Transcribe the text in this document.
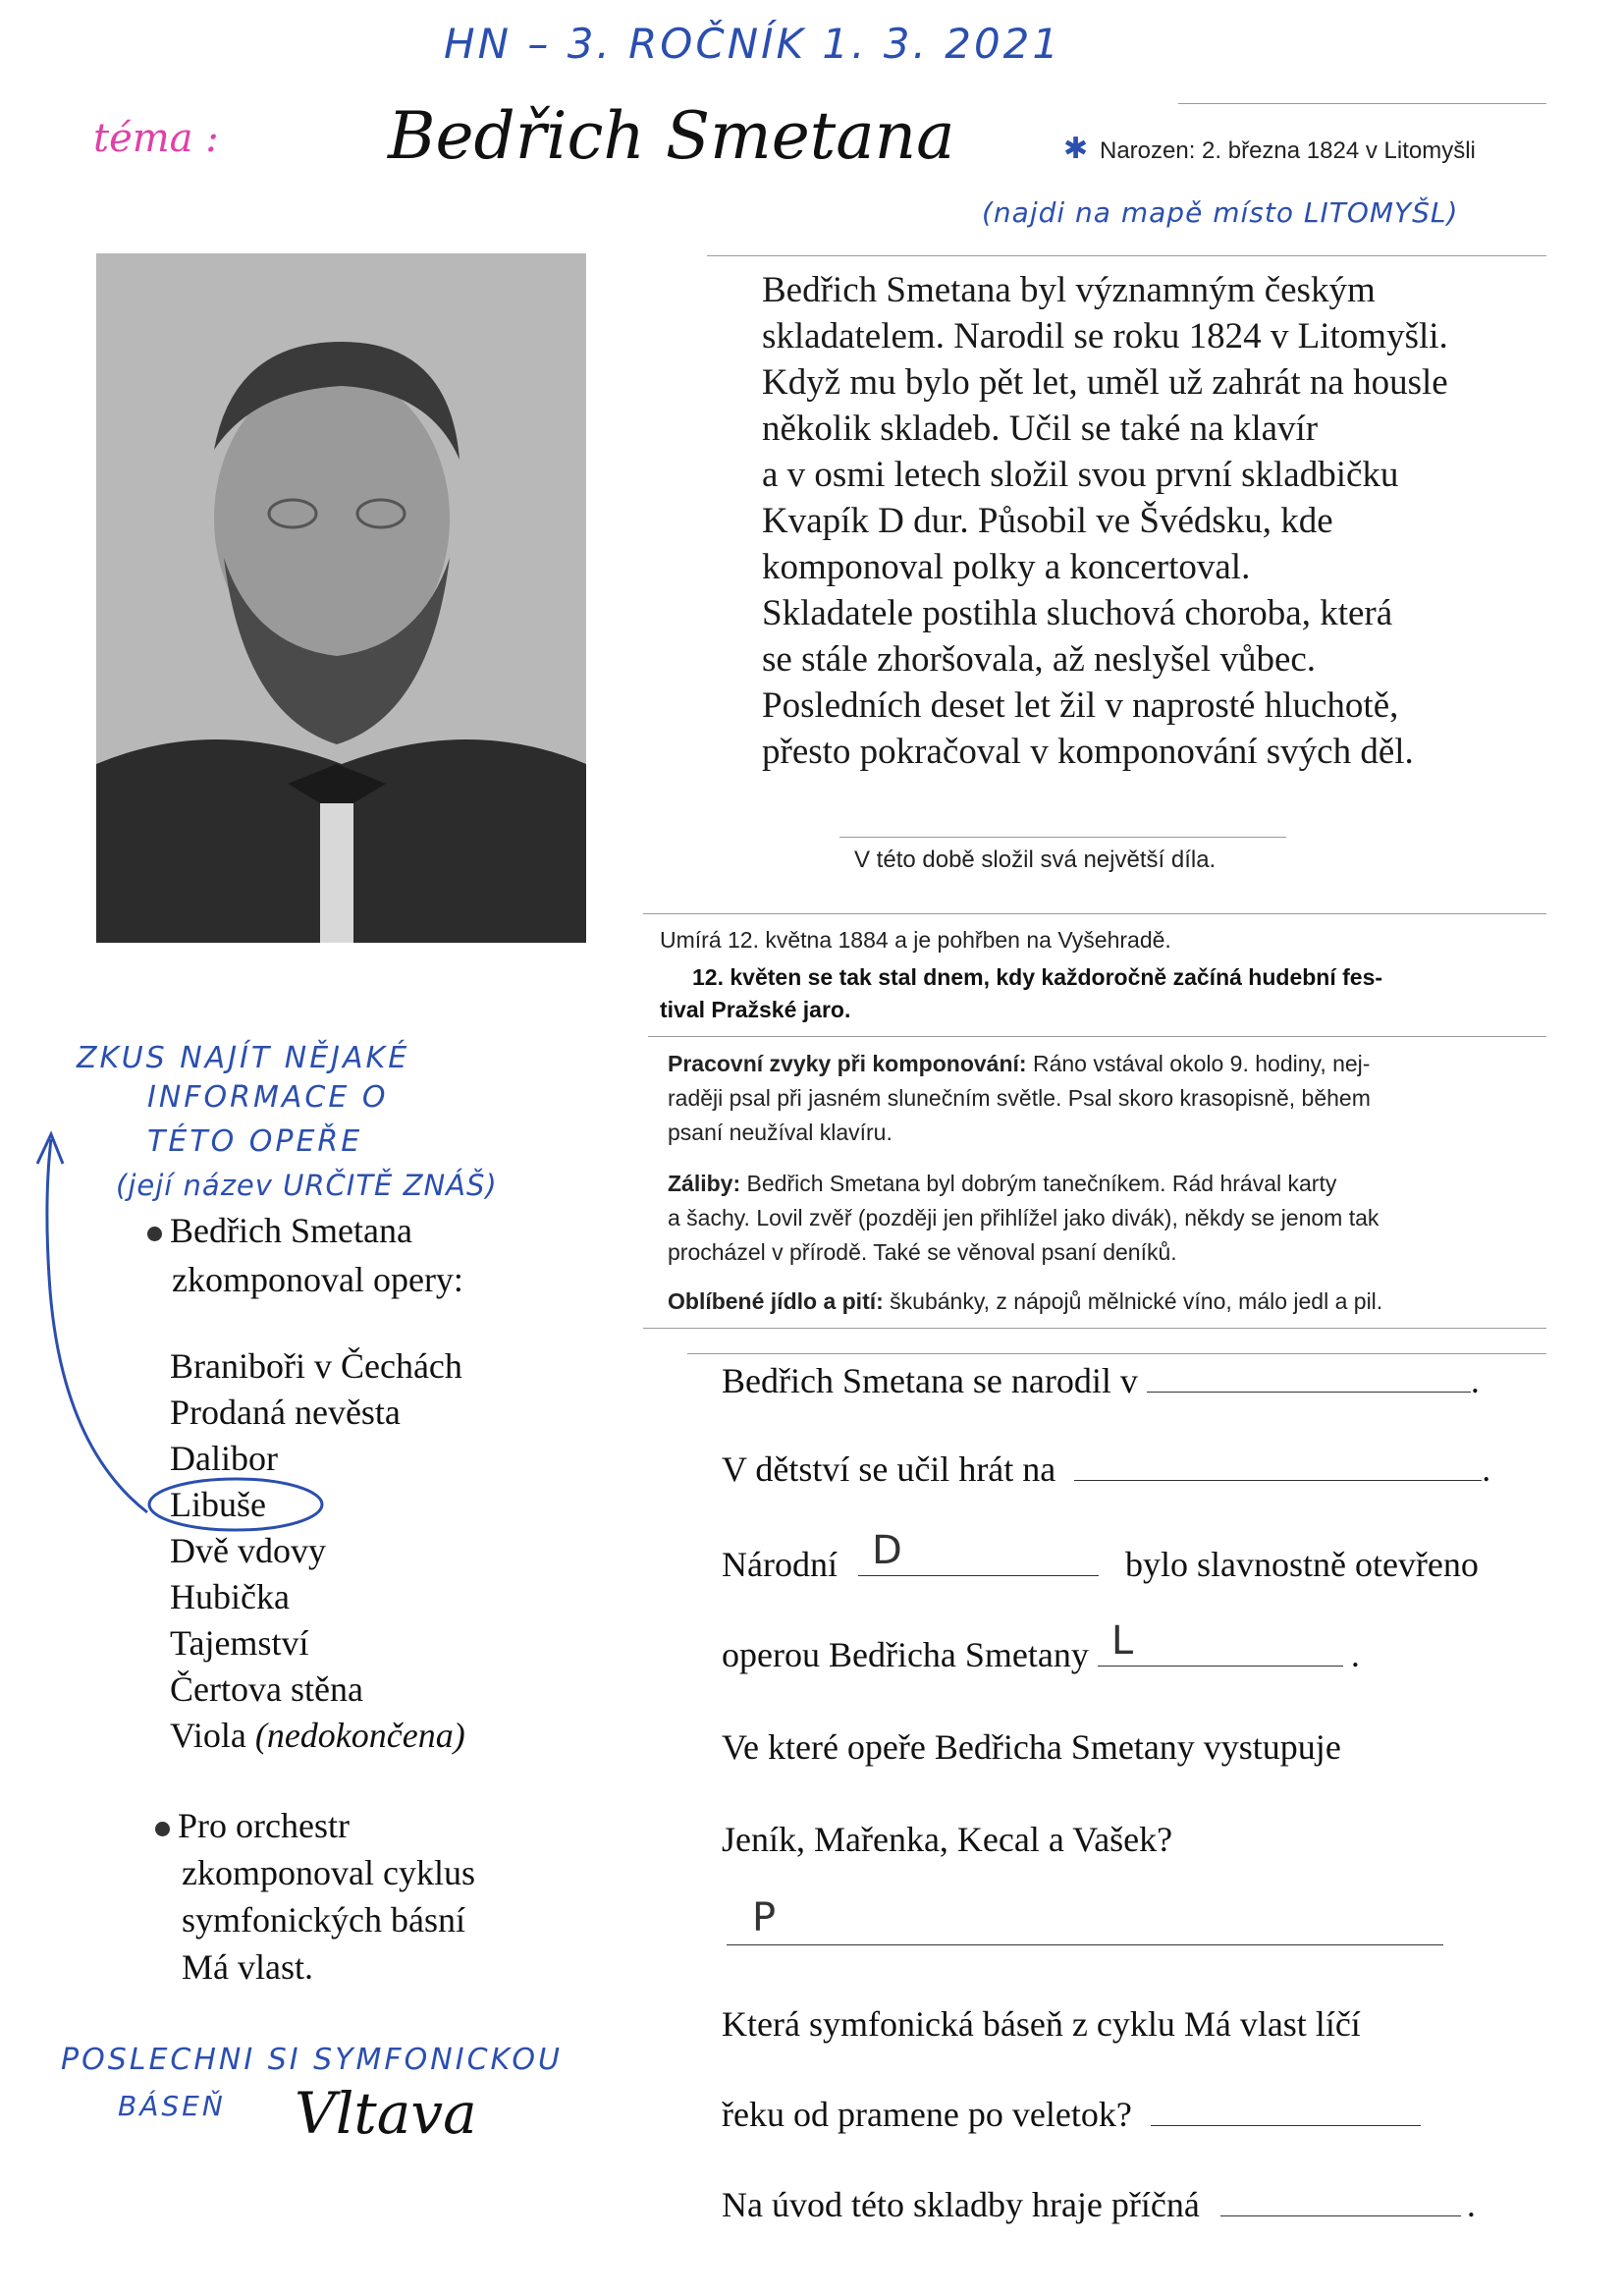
HN – 3. ROČNÍK 1. 3. 2021
téma :	Bedřich Smetana	✱ Narozen: 2. března 1824 v Litomyšli
(najdi na mapě místo LITOMYŠL)
Bedřich Smetana byl významným českým
skladatelem. Narodil se roku 1824 v Litomyšli.
Když mu bylo pět let, uměl už zahrát na housle
několik skladeb. Učil se také na klavír
a v osmi letech složil svou první skladbičku
Kvapík D dur. Působil ve Švédsku, kde
komponoval polky a koncertoval.
Skladatele postihla sluchová choroba, která
se stále zhoršovala, až neslyšel vůbec.
Posledních deset let žil v naprosté hluchotě,
přesto pokračoval v komponování svých děl.
V této době složil svá největší díla.
Umírá 12. května 1884 a je pohřben na Vyšehradě.
12. květen se tak stal dnem, kdy každoročně začíná hudební fes-
tival Pražské jaro.
Pracovní zvyky při komponování: Ráno vstával okolo 9. hodiny, nej-
raději psal při jasném slunečním světle. Psal skoro krasopisně, během
psaní neužíval klavíru.
Záliby: Bedřich Smetana byl dobrým tanečníkem. Rád hrával karty
a šachy. Lovil zvěř (později jen přihlížel jako divák), někdy se jenom tak
procházel v přírodě. Také se věnoval psaní deníků.
Oblíbené jídlo a pití: škubánky, z nápojů mělnické víno, málo jedl a pil.
ZKUS NAJÍT NĚJAKÉ
INFORMACE O
TÉTO OPEŘE
(její název URČITĚ ZNÁŠ)
Bedřich Smetana
zkomponoval opery:
Braniboři v Čechách
Prodaná nevěsta
Dalibor
Libuše
Dvě vdovy
Hubička
Tajemství
Čertova stěna
Viola (nedokončena)
Pro orchestr
zkomponoval cyklus
symfonických básní
Má vlast.
POSLECHNI SI SYMFONICKOU
BÁSEŇ Vltava
Bedřich Smetana se narodil v	.
V dětství se učil hrát na	.
Národní D	bylo slavnostně otevřeno
operou Bedřicha Smetany L	.
Ve které opeře Bedřicha Smetany vystupuje
Jeník, Mařenka, Kecal a Vašek?
P
Která symfonická báseň z cyklu Má vlast líčí
řeku od pramene po veletok?
Na úvod této skladby hraje příčná	.
